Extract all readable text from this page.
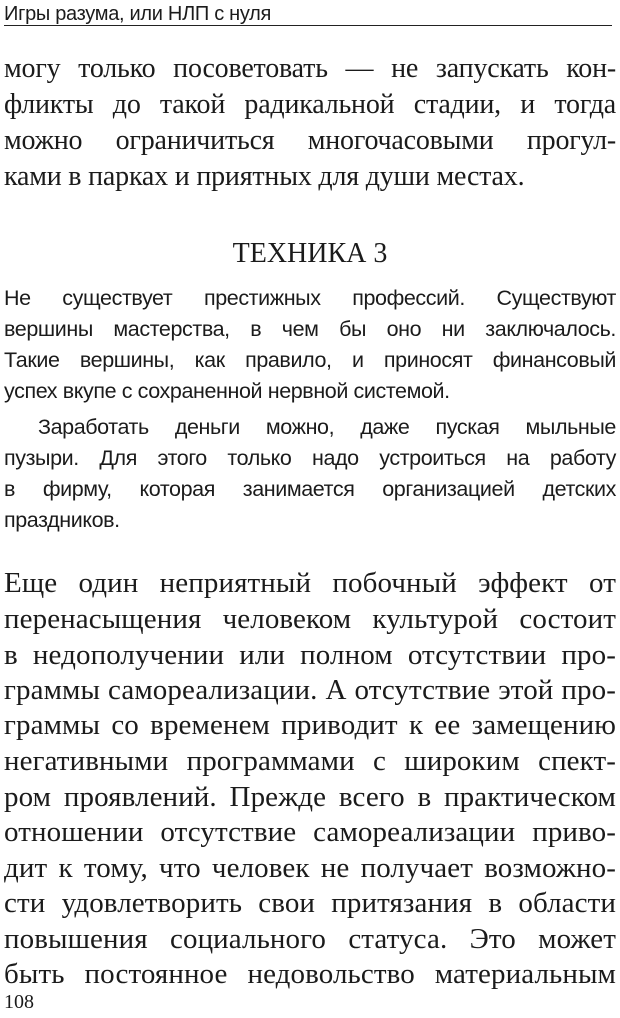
Игры разума, или НЛП с нуля
могу только посоветовать — не запускать кон-
фликты до такой радикальной стадии, и тогда
можно ограничиться многочасовыми прогул-
ками в парках и приятных для души местах.
ТЕХНИКА 3
Не существует престижных профессий. Существуют
вершины мастерства, в чем бы оно ни заключалось.
Такие вершины, как правило, и приносят финансовый
успех вкупе с сохраненной нервной системой.
Заработать деньги можно, даже пуская мыльные
пузыри. Для этого только надо устроиться на работу
в фирму, которая занимается организацией детских
праздников.
Еще один неприятный побочный эффект от
перенасыщения человеком культурой состоит
в недополучении или полном отсутствии про-
граммы самореализации. А отсутствие этой про-
граммы со временем приводит к ее замещению
негативными программами с широким спект-
ром проявлений. Прежде всего в практическом
отношении отсутствие самореализации приво-
дит к тому, что человек не получает возможно-
сти удовлетворить свои притязания в области
повышения социального статуса. Это может
быть постоянное недовольство материальным
108
